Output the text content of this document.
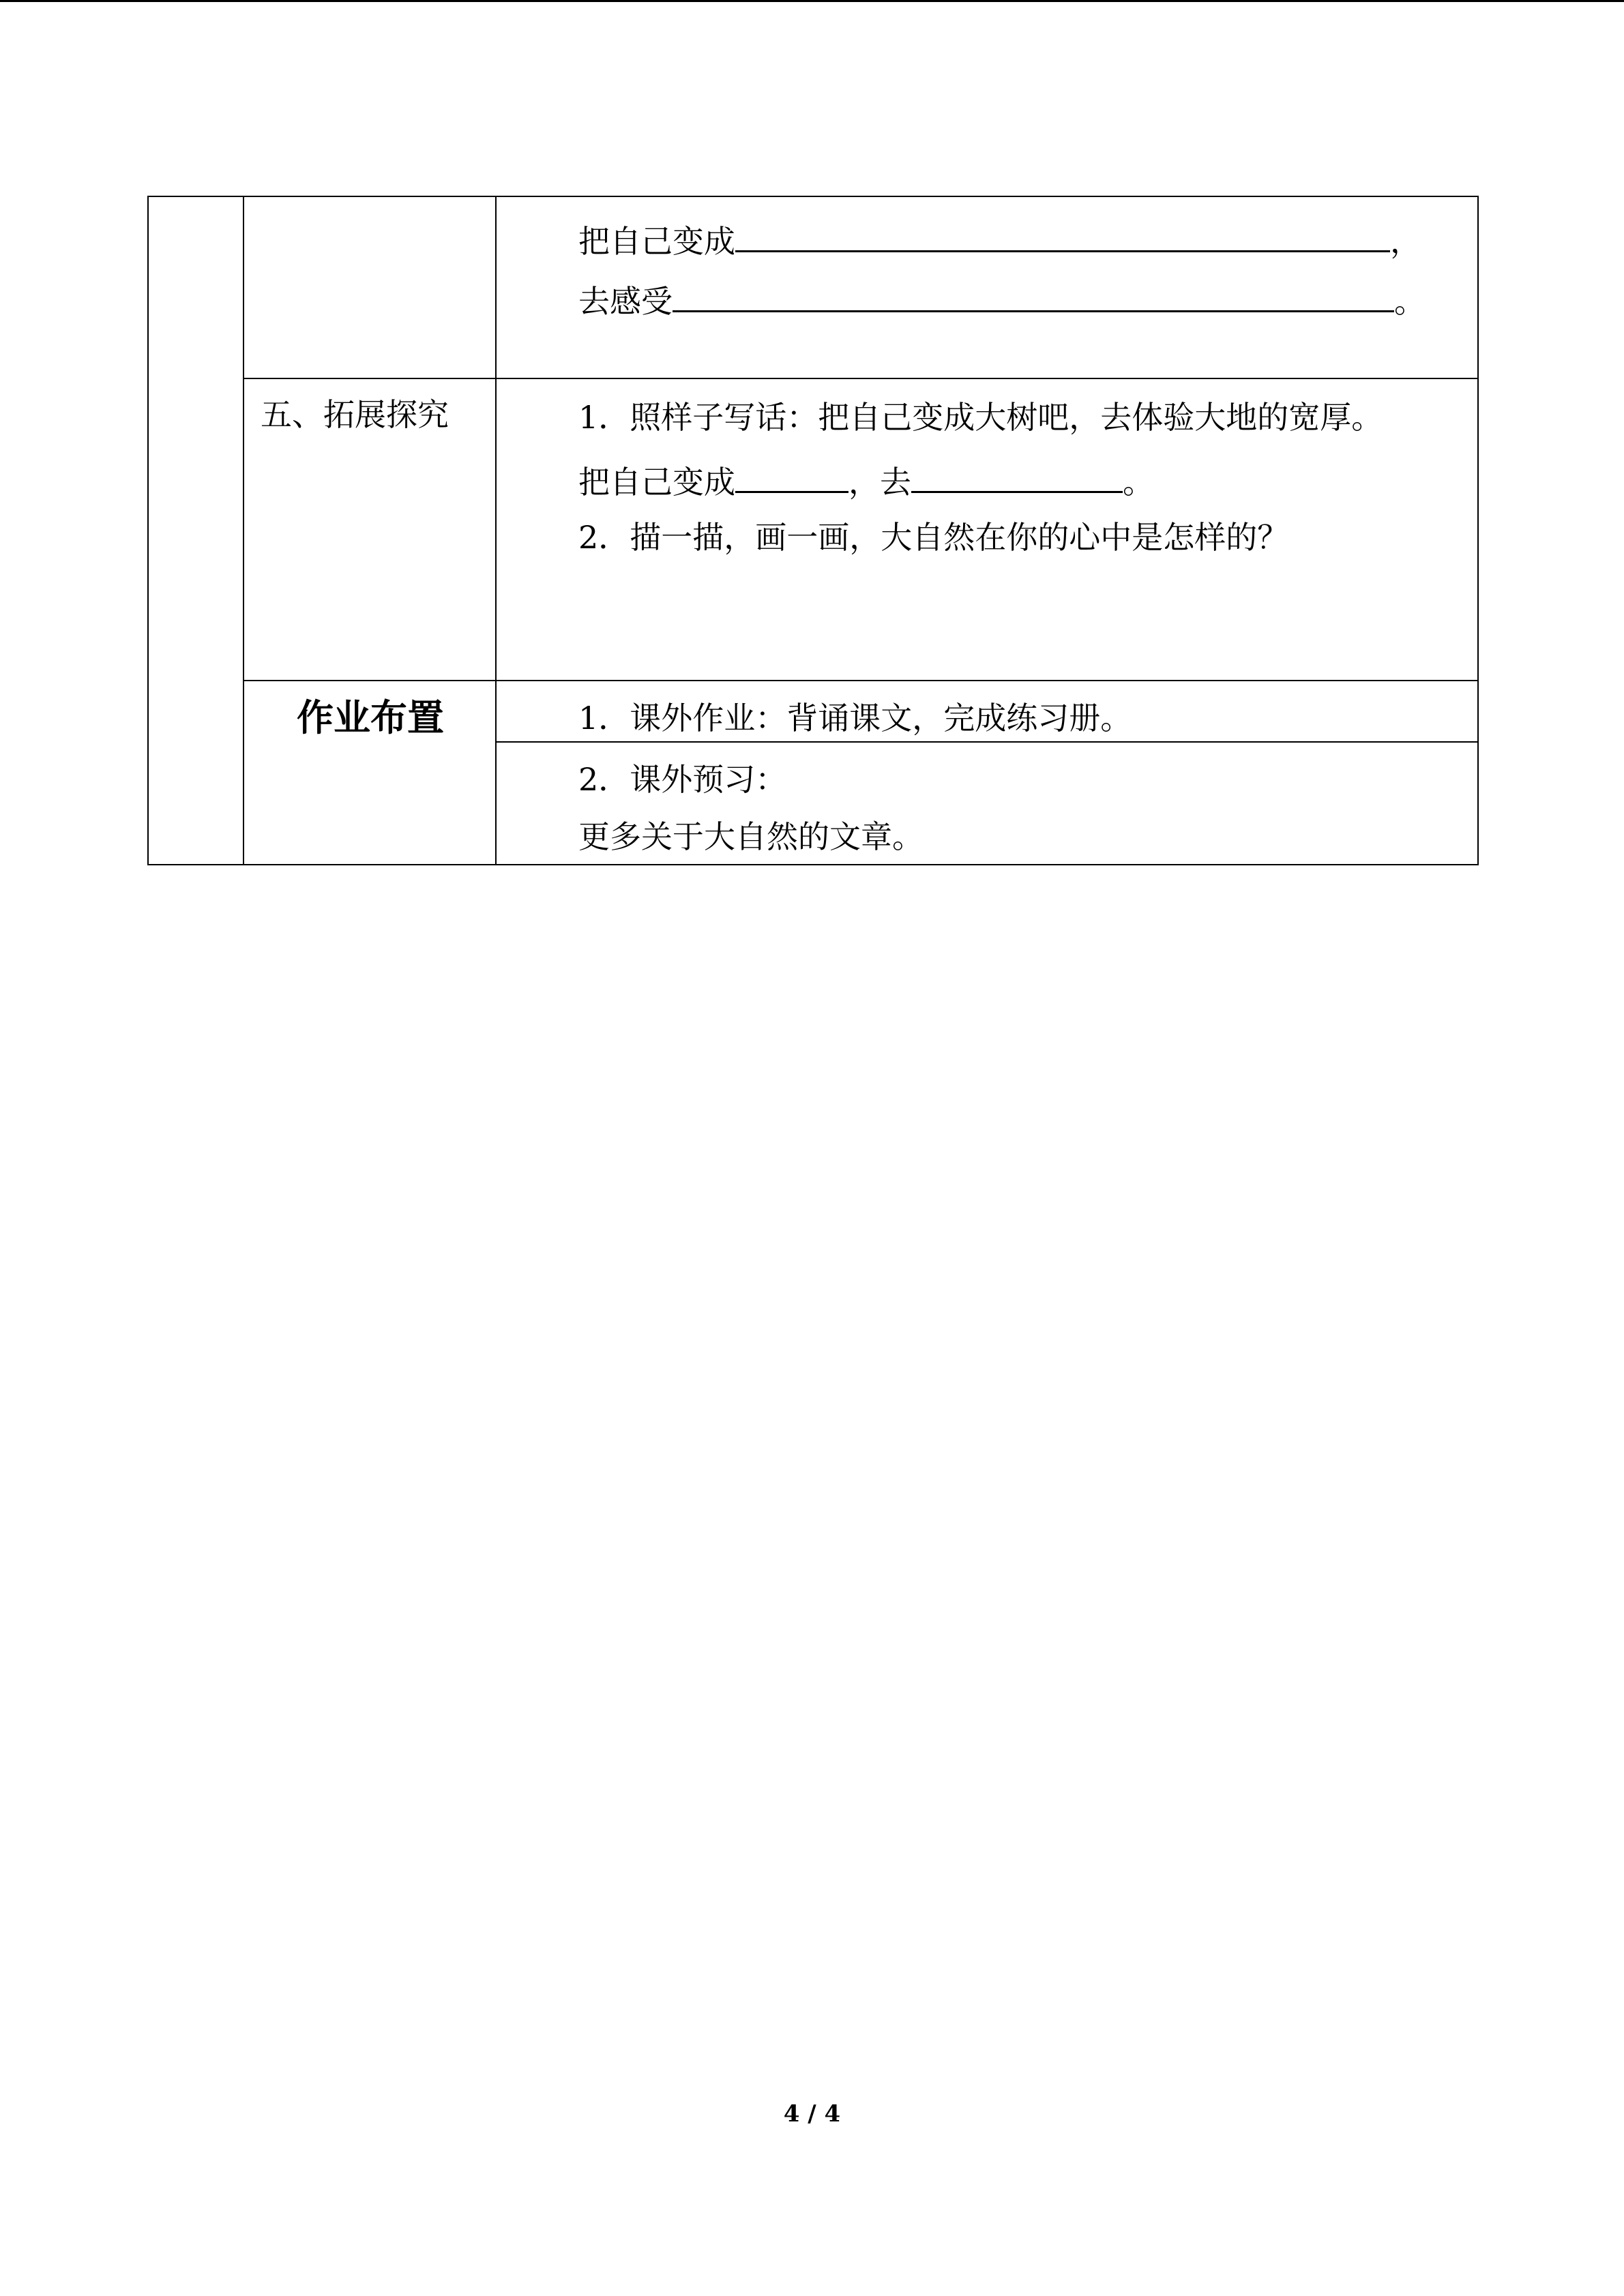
		把自己变成 ，
去感受 。

	五、拓展探究	1．照样子写话：把自己变成大树吧，去体验大地的宽厚。
把自己变成 ，去 。
2．描一描，画一画，大自然在你的心中是怎样的？

	作业布置	1．课外作业：背诵课文，完成练习册。
2．课外预习：
更多关于大自然的文章。
4 / 4
